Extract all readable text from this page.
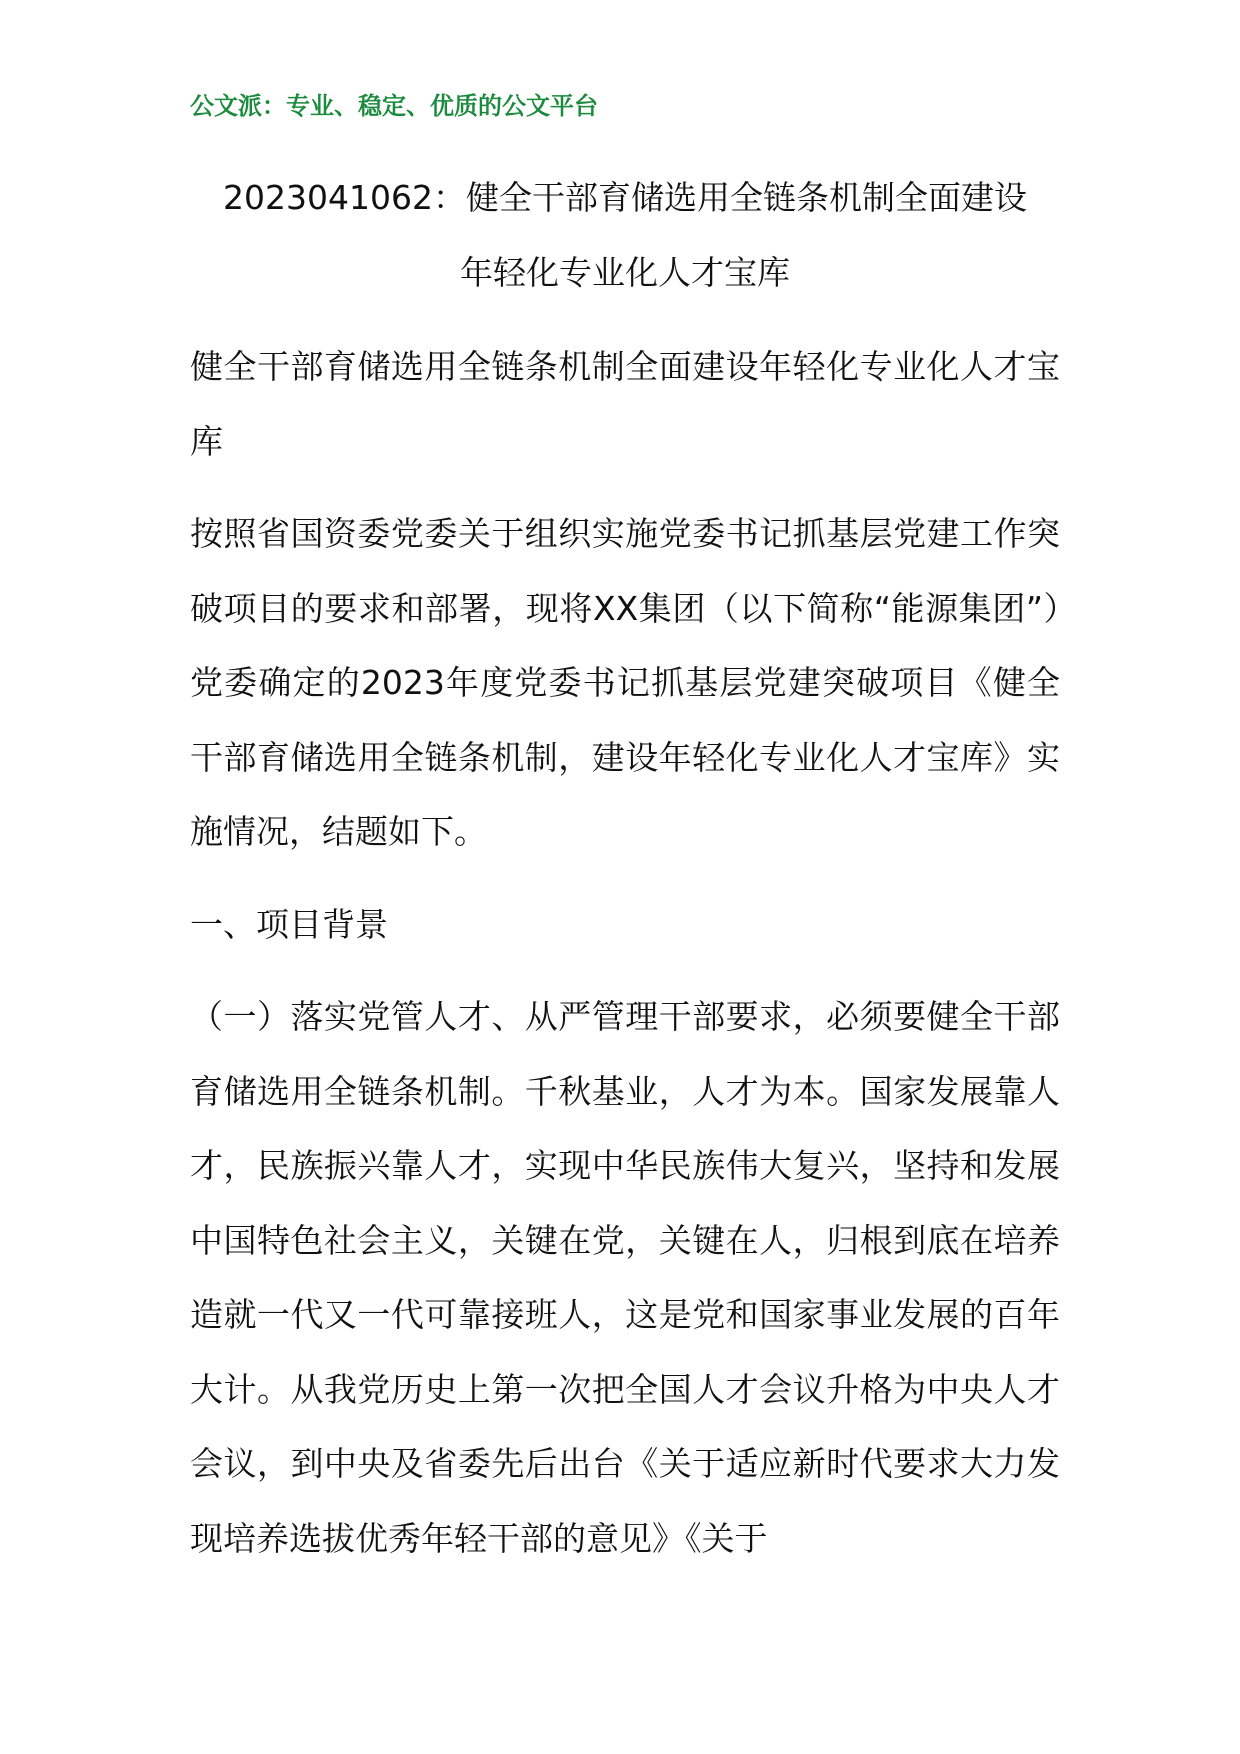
公文派：专业、稳定、优质的公文平台
2023041062：健全干部育储选用全链条机制全面建设
年轻化专业化人才宝库

健全干部育储选用全链条机制全面建设年轻化专业化人才宝库

按照省国资委党委关于组织实施党委书记抓基层党建工作突破项目的要求和部署，现将XX集团（以下简称“能源集团”）党委确定的2023年度党委书记抓基层党建突破项目《健全干部育储选用全链条机制，建设年轻化专业化人才宝库》实施情况，结题如下。

一、项目背景

（一）落实党管人才、从严管理干部要求，必须要健全干部育储选用全链条机制。千秋基业，人才为本。国家发展靠人才，民族振兴靠人才，实现中华民族伟大复兴，坚持和发展中国特色社会主义，关键在党，关键在人，归根到底在培养造就一代又一代可靠接班人，这是党和国家事业发展的百年大计。从我党历史上第一次把全国人才会议升格为中央人才会议，到中央及省委先后出台《关于适应新时代要求大力发现培养选拔优秀年轻干部的意见》《关于
